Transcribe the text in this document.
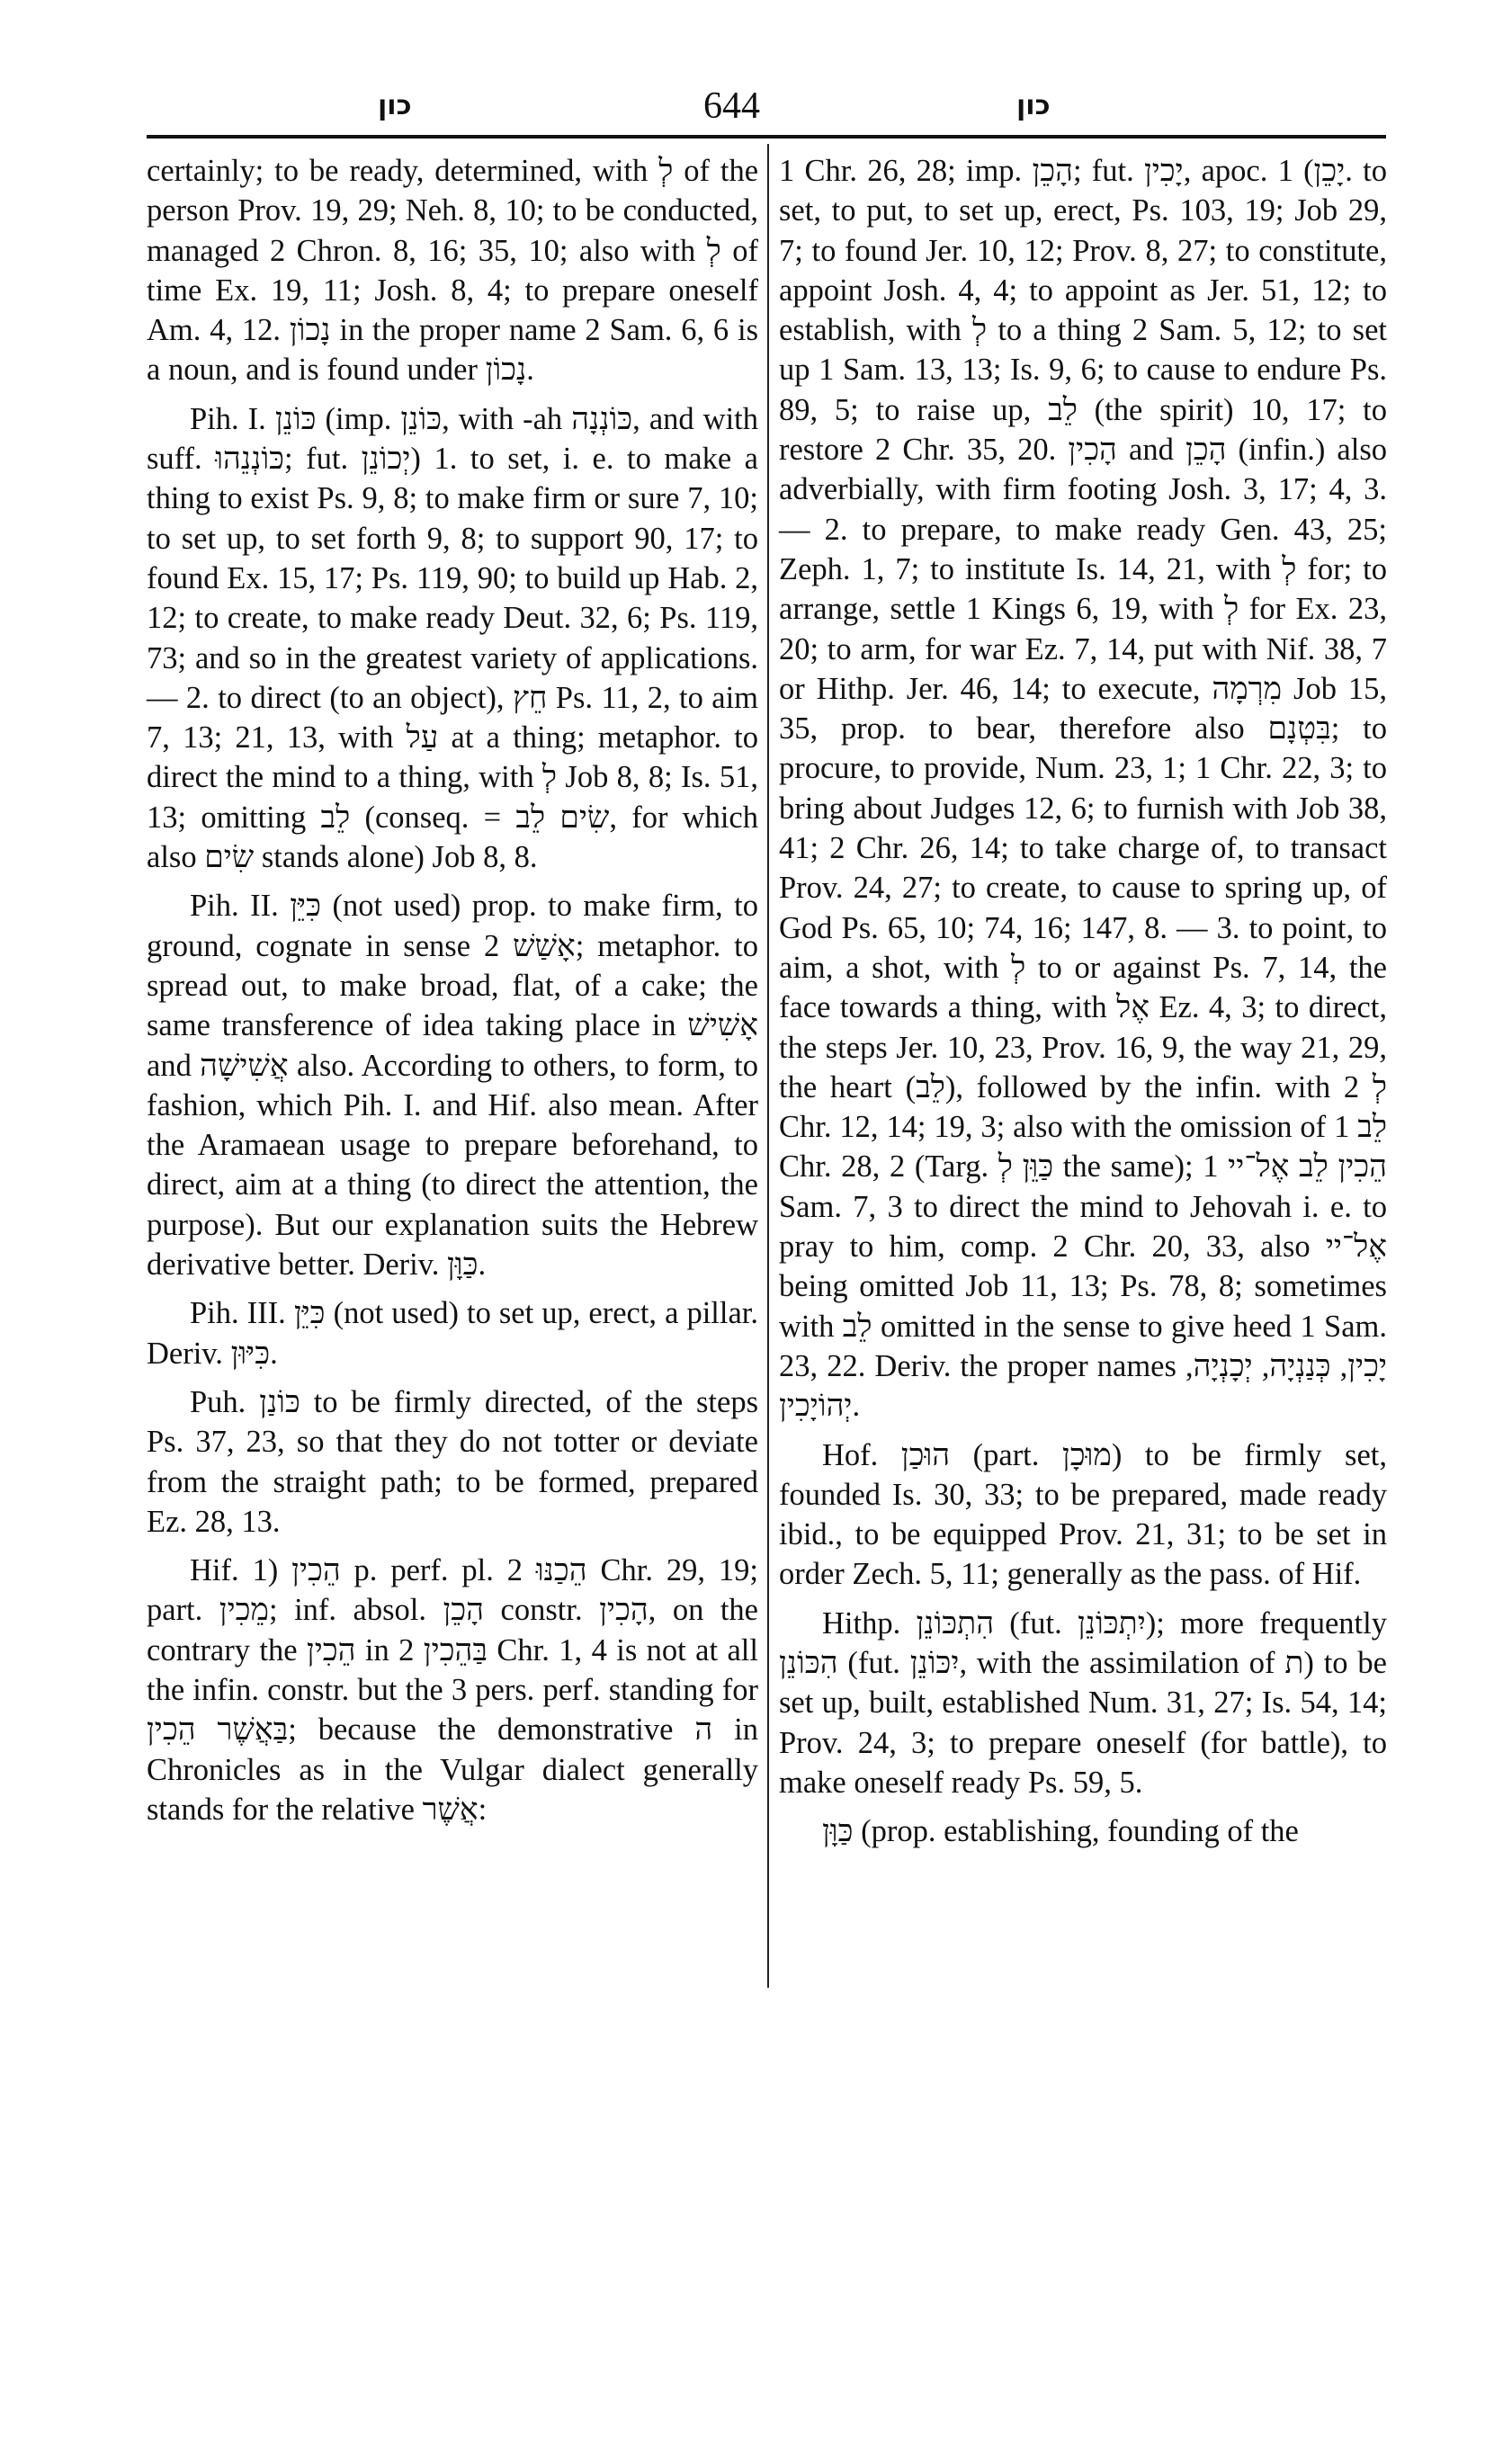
כון	644	כון

certainly; to be ready, determined, with לְ of the person Prov. 19, 29; Neh. 8, 10; to be conducted, managed 2 Chron. 8, 16; 35, 10; also with לְ of time Ex. 19, 11; Josh. 8, 4; to prepare oneself Am. 4, 12. נָכוֹן in the proper name 2 Sam. 6, 6 is a noun, and is found under נָכוֹן.

Pih. I. כּוֹנֵן (imp. כּוֹנֵן, with -ah כּוֹנְנָה, and with suff. כּוֹנְנֵהוּ; fut. יְכוֹנֵן) 1. to set, i. e. to make a thing to exist Ps. 9, 8; to make firm or sure 7, 10; to set up, to set forth 9, 8; to support 90, 17; to found Ex. 15, 17; Ps. 119, 90; to build up Hab. 2, 12; to create, to make ready Deut. 32, 6; Ps. 119, 73; and so in the greatest variety of applications. — 2. to direct (to an object), חֵץ Ps. 11, 2, to aim 7, 13; 21, 13, with עַל at a thing; metaphor. to direct the mind to a thing, with לְ Job 8, 8; Is. 51, 13; omitting לֵב (conseq. = שִׂים לֵב, for which also שִׂים stands alone) Job 8, 8.

Pih. II. כִּיֵּן (not used) prop. to make firm, to ground, cognate in sense אָשַׁשׁ 2; metaphor. to spread out, to make broad, flat, of a cake; the same transference of idea taking place in אָשִׁישׁ and אֲשִׁישָׁה also. According to others, to form, to fashion, which Pih. I. and Hif. also mean. After the Aramaean usage to prepare beforehand, to direct, aim at a thing (to direct the attention, the purpose). But our explanation suits the Hebrew derivative better. Deriv. כַּוָּן.

Pih. III. כִּיֵּן (not used) to set up, erect, a pillar. Deriv. כִּיּוּן.

Puh. כּוֹנַן to be firmly directed, of the steps Ps. 37, 23, so that they do not totter or deviate from the straight path; to be formed, prepared Ez. 28, 13.

Hif. הֵכִין (1 p. perf. pl. הֵכַנּוּ 2 Chr. 29, 19; part. מֵכִין; inf. absol. הָכֵן constr. הָכִין, on the contrary the הֵכִין in בַּהֵכִין 2 Chr. 1, 4 is not at all the infin. constr. but the 3 pers. perf. standing for בַּאֲשֶׁר הֵכִין; because the demonstrative ה in Chronicles as in the Vulgar dialect generally stands for the relative אֲשֶׁר:

1 Chr. 26, 28; imp. הָכֵן; fut. יָכִין, apoc. יָכֵן) 1. to set, to put, to set up, erect, Ps. 103, 19; Job 29, 7; to found Jer. 10, 12; Prov. 8, 27; to constitute, appoint Josh. 4, 4; to appoint as Jer. 51, 12; to establish, with לְ to a thing 2 Sam. 5, 12; to set up 1 Sam. 13, 13; Is. 9, 6; to cause to endure Ps. 89, 5; to raise up, לֵב (the spirit) 10, 17; to restore 2 Chr. 35, 20. הָכִין and הָכֵן (infin.) also adverbially, with firm footing Josh. 3, 17; 4, 3. — 2. to prepare, to make ready Gen. 43, 25; Zeph. 1, 7; to institute Is. 14, 21, with לְ for; to arrange, settle 1 Kings 6, 19, with לְ for Ex. 23, 20; to arm, for war Ez. 7, 14, put with Nif. 38, 7 or Hithp. Jer. 46, 14; to execute, מִרְמָה Job 15, 35, prop. to bear, therefore also בִּטְנָם; to procure, to provide, Num. 23, 1; 1 Chr. 22, 3; to bring about Judges 12, 6; to furnish with Job 38, 41; 2 Chr. 26, 14; to take charge of, to transact Prov. 24, 27; to create, to cause to spring up, of God Ps. 65, 10; 74, 16; 147, 8. — 3. to point, to aim, a shot, with לְ to or against Ps. 7, 14, the face towards a thing, with אֶל Ez. 4, 3; to direct, the steps Jer. 10, 23, Prov. 16, 9, the way 21, 29, the heart (לֵב), followed by the infin. with לְ 2 Chr. 12, 14; 19, 3; also with the omission of לֵב 1 Chr. 28, 2 (Targ. כַּוֵּן לְ the same); הֵכִין לֵב אֶל־יי 1 Sam. 7, 3 to direct the mind to Jehovah i. e. to pray to him, comp. 2 Chr. 20, 33, also אֶל־יי being omitted Job 11, 13; Ps. 78, 8; sometimes with לֵב omitted in the sense to give heed 1 Sam. 23, 22. Deriv. the proper names יָכִין, כְּנַנְיָה, יְכָנְיָה, יְהוֹיָכִין.

Hof. הוּכַן (part. מוּכָן) to be firmly set, founded Is. 30, 33; to be prepared, made ready ibid., to be equipped Prov. 21, 31; to be set in order Zech. 5, 11; generally as the pass. of Hif.

Hithp. הִתְכּוֹנֵן (fut. יִתְכּוֹנֵן); more frequently הִכּוֹנֵן (fut. יִכּוֹנֵן, with the assimilation of ת) to be set up, built, established Num. 31, 27; Is. 54, 14; Prov. 24, 3; to prepare oneself (for battle), to make oneself ready Ps. 59, 5.

כַּוָּן (prop. establishing, founding of the
